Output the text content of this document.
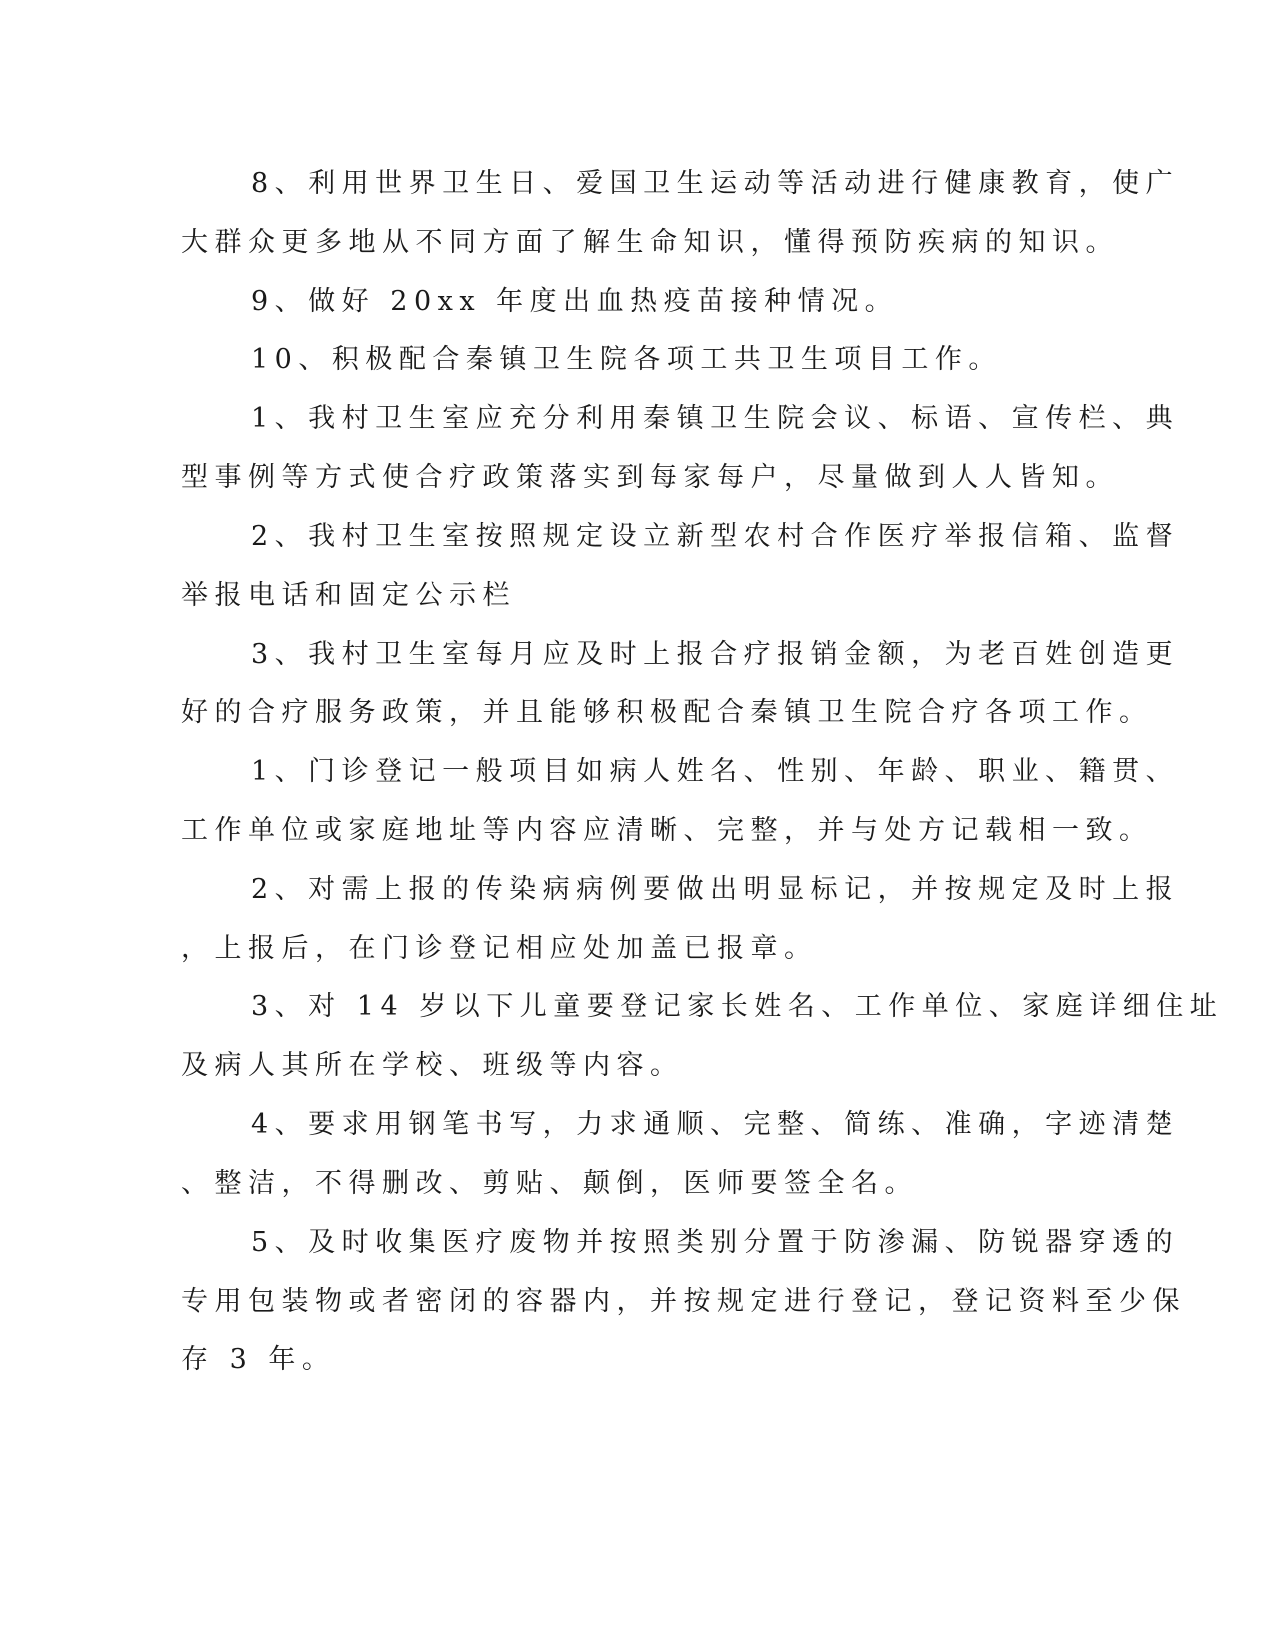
8、利用世界卫生日、爱国卫生运动等活动进行健康教育，使广
大群众更多地从不同方面了解生命知识，懂得预防疾病的知识。
9、做好 20xx 年度出血热疫苗接种情况。
10、积极配合秦镇卫生院各项工共卫生项目工作。
1、我村卫生室应充分利用秦镇卫生院会议、标语、宣传栏、典
型事例等方式使合疗政策落实到每家每户，尽量做到人人皆知。
2、我村卫生室按照规定设立新型农村合作医疗举报信箱、监督
举报电话和固定公示栏
3、我村卫生室每月应及时上报合疗报销金额，为老百姓创造更
好的合疗服务政策，并且能够积极配合秦镇卫生院合疗各项工作。
1、门诊登记一般项目如病人姓名、性别、年龄、职业、籍贯、
工作单位或家庭地址等内容应清晰、完整，并与处方记载相一致。
2、对需上报的传染病病例要做出明显标记，并按规定及时上报
，上报后，在门诊登记相应处加盖已报章。
3、对 14 岁以下儿童要登记家长姓名、工作单位、家庭详细住址
及病人其所在学校、班级等内容。
4、要求用钢笔书写，力求通顺、完整、简练、准确，字迹清楚
、整洁，不得删改、剪贴、颠倒，医师要签全名。
5、及时收集医疗废物并按照类别分置于防渗漏、防锐器穿透的
专用包装物或者密闭的容器内，并按规定进行登记，登记资料至少保
存 3 年。
